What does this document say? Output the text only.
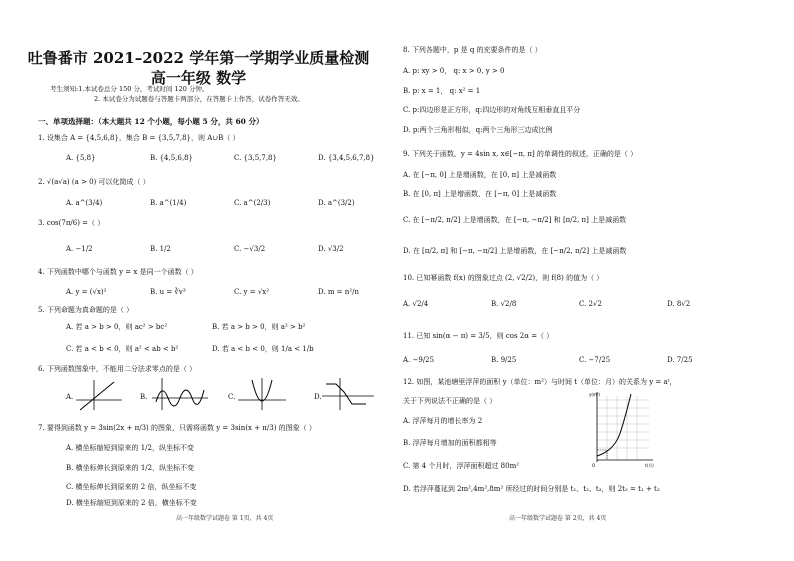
吐鲁番市 2021–2022 学年第一学期学业质量检测
高一年级 数学
考生须知:1.本试卷总分 150 分，考试时间 120 分钟。
2. 本试卷分为试题卷与答题卡两部分，在答题卡上作答，试卷作答无效。
一、单项选择题：（本大题共 12 个小题，每小题 5 分，共 60 分）
1. 设集合 A = {4,5,6,8}，集合 B = {3,5,7,8}，则 A∪B（ ）
A. {5,8}	B. {4,5,6,8}	C. {3,5,7,8}	D. {3,4,5,6,7,8}
2. √(a√a) (a > 0) 可以化简成（ ）
A. a^(3/4)	B. a^(1/4)	C. a^(2/3)	D. a^(3/2)
3. cos(7π/6) =（ ）
A. −1/2	B. 1/2	C. −√3/2	D. √3/2
4. 下列函数中哪个与函数 y = x 是同一个函数（ ）
A. y = (√x)²	B. u = ∛v³	C. y = √x²	D. m = n²/n
5. 下列命题为真命题的是（ ）
A. 若 a > b > 0，则 ac² > bc²	B. 若 a > b > 0，则 a² > b²
C. 若 a < b < 0，则 a² < ab < b²	D. 若 a < b < 0，则 1/a < 1/b
6. 下列函数图象中，不能用二分法求零点的是（ ）
A.	B.	C.	D.
7. 要得到函数 y = 3sin(2x + π/3) 的图象，只需将函数 y = 3sin(x + π/3) 的图象（ ）
A. 横坐标缩短到原来的 1/2，纵坐标不变
B. 横坐标伸长到原来的 1/2，纵坐标不变
C. 横坐标伸长到原来的 2 倍，纵坐标不变
D. 横坐标缩短到原来的 2 倍，横坐标不变
高一年级数学试题卷 第 1页，共 4页
8. 下列各题中，p 是 q 的充要条件的是（ ）
A. p: xy > 0， q: x > 0, y > 0
B. p: x = 1， q: x² = 1
C. p:四边形是正方形，q:四边形的对角线互相垂直且平分
D. p:两个三角形相似，q:两个三角形三边成比例
9. 下列关于函数，y = 4sin x, x∈[−π, π] 的单调性的叙述，正确的是（ ）
A. 在 [−π, 0] 上是增函数，在 [0, π] 上是减函数
B. 在 [0, π] 上是增函数，在 [−π, 0] 上是减函数
C. 在 [−π/2, π/2] 上是增函数，在 [−π, −π/2] 和 [π/2, π] 上是减函数
D. 在 [π/2, π] 和 [−π, −π/2] 上是增函数，在 [−π/2, π/2] 上是减函数
10. 已知幂函数 f(x) 的图象过点 (2, √2/2)，则 f(8) 的值为（ ）
A. √2/4	B. √2/8	C. 2√2	D. 8√2
11. 已知 sin(α − π) = 3/5，则 cos 2α =（ ）
A. −9/25	B. 9/25	C. −7/25	D. 7/25
12. 如图，某池塘里浮萍的面积 y（单位：m²）与时间 t（单位：月）的关系为 y = aᵗ，
关于下列说法不正确的是（ ）
A. 浮萍每月的增长率为 2
B. 浮萍每月增加的面积都相等
C. 第 4 个月时，浮萍面积超过 80m²
D. 若浮萍蔓延到 2m²,4m²,8m² 所经过的时间分别是 t₁、t₂、t₃，则 2t₂ = t₁ + t₃
y(m²)
t(月)
O
高一年级数学试题卷 第 2页，共 4页
